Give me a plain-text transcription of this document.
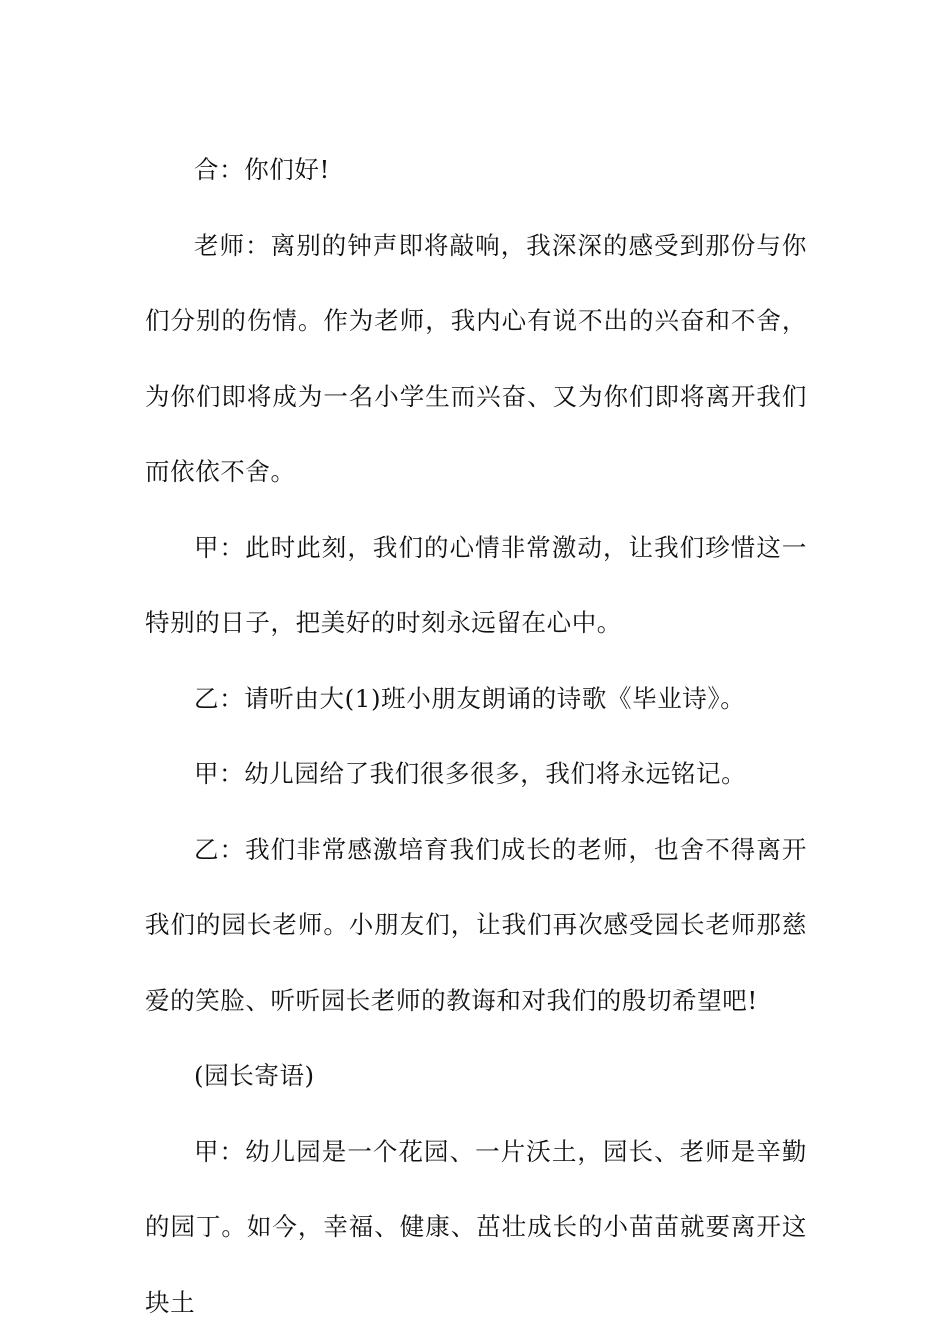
合：你们好!

老师：离别的钟声即将敲响，我深深的感受到那份与你们分别的伤情。作为老师，我内心有说不出的兴奋和不舍，为你们即将成为一名小学生而兴奋、又为你们即将离开我们而依依不舍。

甲：此时此刻，我们的心情非常激动，让我们珍惜这一特别的日子，把美好的时刻永远留在心中。

乙：请听由大(1)班小朋友朗诵的诗歌《毕业诗》。

甲：幼儿园给了我们很多很多，我们将永远铭记。

乙：我们非常感激培育我们成长的老师，也舍不得离开我们的园长老师。小朋友们，让我们再次感受园长老师那慈爱的笑脸、听听园长老师的教诲和对我们的殷切希望吧!

(园长寄语)

甲：幼儿园是一个花园、一片沃土，园长、老师是辛勤的园丁。如今，幸福、健康、茁壮成长的小苗苗就要离开这块土
